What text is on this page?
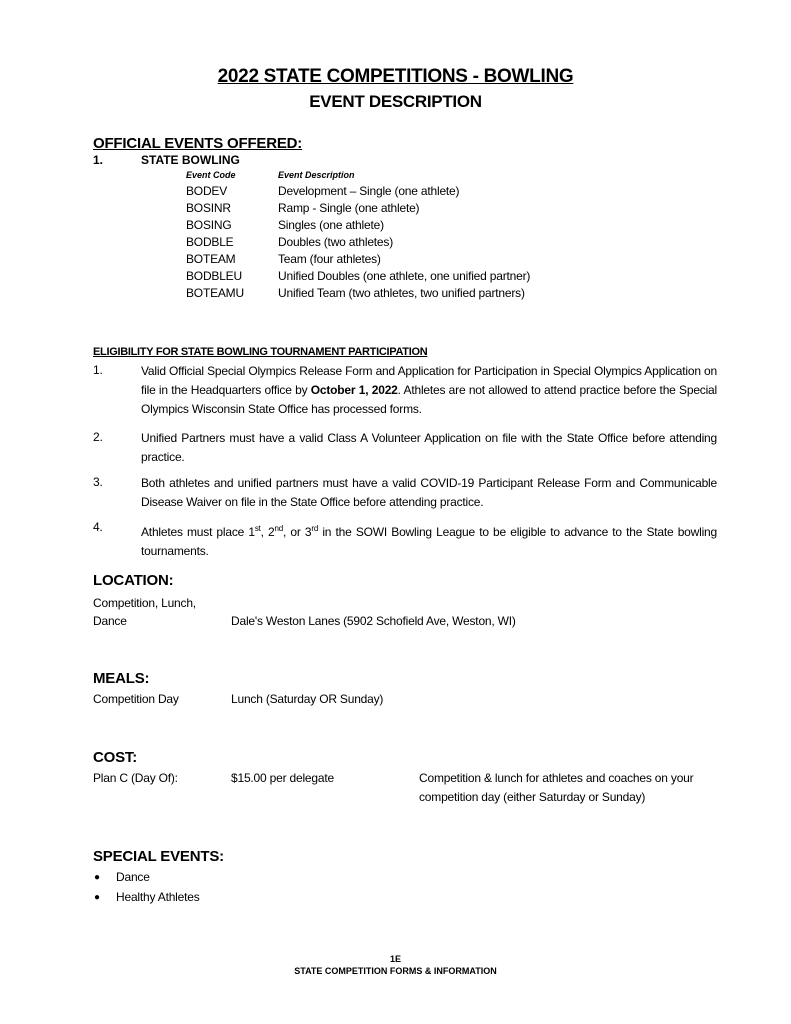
2022 STATE COMPETITIONS - BOWLING
EVENT DESCRIPTION
OFFICIAL EVENTS OFFERED:
1.	STATE BOWLING
Event Code	Event Description
BODEV	Development – Single (one athlete)
BOSINR	Ramp - Single (one athlete)
BOSING	Singles (one athlete)
BODBLE	Doubles (two athletes)
BOTEAM	Team (four athletes)
BODBLEU	Unified Doubles (one athlete, one unified partner)
BOTEAMU	Unified Team (two athletes, two unified partners)
ELIGIBILITY FOR STATE BOWLING TOURNAMENT PARTICIPATION
1.	Valid Official Special Olympics Release Form and Application for Participation in Special Olympics Application on file in the Headquarters office by October 1, 2022. Athletes are not allowed to attend practice before the Special Olympics Wisconsin State Office has processed forms.

2.	Unified Partners must have a valid Class A Volunteer Application on file with the State Office before attending practice.

3.	Both athletes and unified partners must have a valid COVID-19 Participant Release Form and Communicable Disease Waiver on file in the State Office before attending practice.

4.	Athletes must place 1st, 2nd, or 3rd in the SOWI Bowling League to be eligible to advance to the State bowling tournaments.

LOCATION:
Competition, Lunch,
Dance	Dale's Weston Lanes (5902 Schofield Ave, Weston, WI)
MEALS:
Competition Day	Lunch (Saturday OR Sunday)
COST:
Plan C (Day Of):	$15.00 per delegate	Competition & lunch for athletes and coaches on your
competition day (either Saturday or Sunday)
SPECIAL EVENTS:
● Dance
● Healthy Athletes
1E
STATE COMPETITION FORMS & INFORMATION
